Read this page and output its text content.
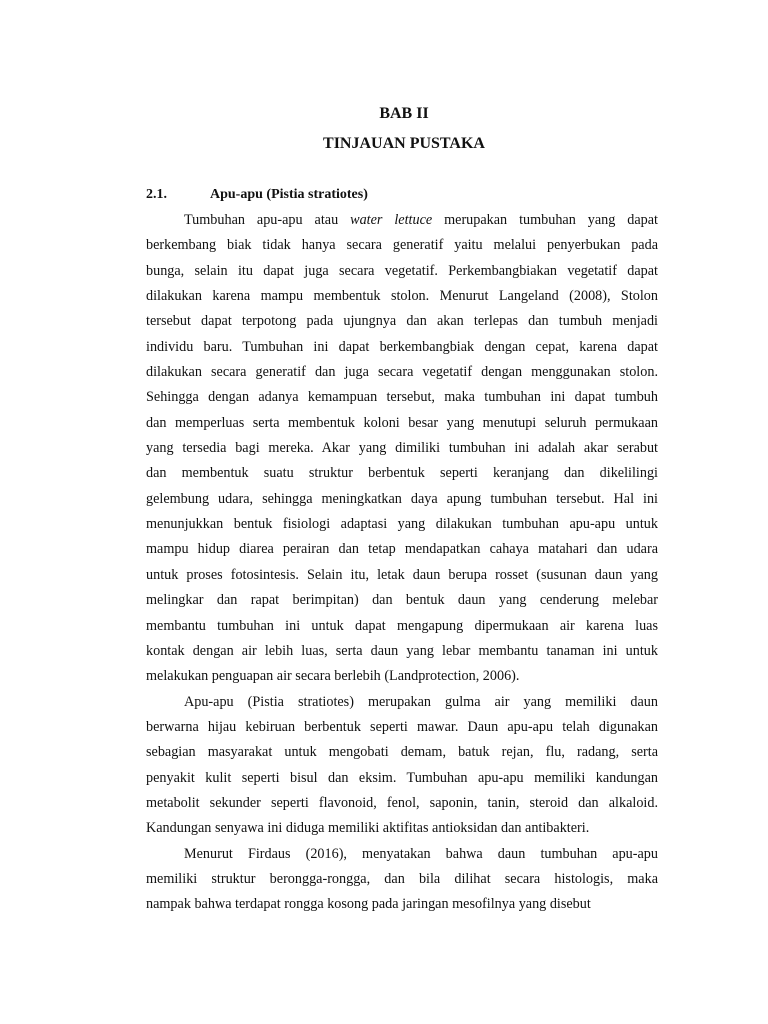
BAB II
TINJAUAN PUSTAKA
2.1.	Apu-apu (Pistia stratiotes)
Tumbuhan apu-apu atau water lettuce merupakan tumbuhan yang dapat
berkembang biak tidak hanya secara generatif yaitu melalui penyerbukan pada
bunga, selain itu dapat juga secara vegetatif. Perkembangbiakan vegetatif dapat
dilakukan karena mampu membentuk stolon. Menurut Langeland (2008), Stolon
tersebut dapat terpotong pada ujungnya dan akan terlepas dan tumbuh menjadi
individu baru. Tumbuhan ini dapat berkembangbiak dengan cepat, karena dapat
dilakukan secara generatif dan juga secara vegetatif dengan menggunakan stolon.
Sehingga dengan adanya kemampuan tersebut, maka tumbuhan ini dapat tumbuh
dan memperluas serta membentuk koloni besar yang menutupi seluruh permukaan
yang tersedia bagi mereka. Akar yang dimiliki tumbuhan ini adalah akar serabut
dan membentuk suatu struktur berbentuk seperti keranjang dan dikelilingi
gelembung udara, sehingga meningkatkan daya apung tumbuhan tersebut. Hal ini
menunjukkan bentuk fisiologi adaptasi yang dilakukan tumbuhan apu-apu untuk
mampu hidup diarea perairan dan tetap mendapatkan cahaya matahari dan udara
untuk proses fotosintesis. Selain itu, letak daun berupa rosset (susunan daun yang
melingkar dan rapat berimpitan) dan bentuk daun yang cenderung melebar
membantu tumbuhan ini untuk dapat mengapung dipermukaan air karena luas
kontak dengan air lebih luas, serta daun yang lebar membantu tanaman ini untuk
melakukan penguapan air secara berlebih (Landprotection, 2006).
Apu-apu (Pistia stratiotes) merupakan gulma air yang memiliki daun
berwarna hijau kebiruan berbentuk seperti mawar. Daun apu-apu telah digunakan
sebagian masyarakat untuk mengobati demam, batuk rejan, flu, radang, serta
penyakit kulit seperti bisul dan eksim. Tumbuhan apu-apu memiliki kandungan
metabolit sekunder seperti flavonoid, fenol, saponin, tanin, steroid dan alkaloid.
Kandungan senyawa ini diduga memiliki aktifitas antioksidan dan antibakteri.
Menurut Firdaus (2016), menyatakan bahwa daun tumbuhan apu-apu
memiliki struktur berongga-rongga, dan bila dilihat secara histologis, maka
nampak bahwa terdapat rongga kosong pada jaringan mesofilnya yang disebut
